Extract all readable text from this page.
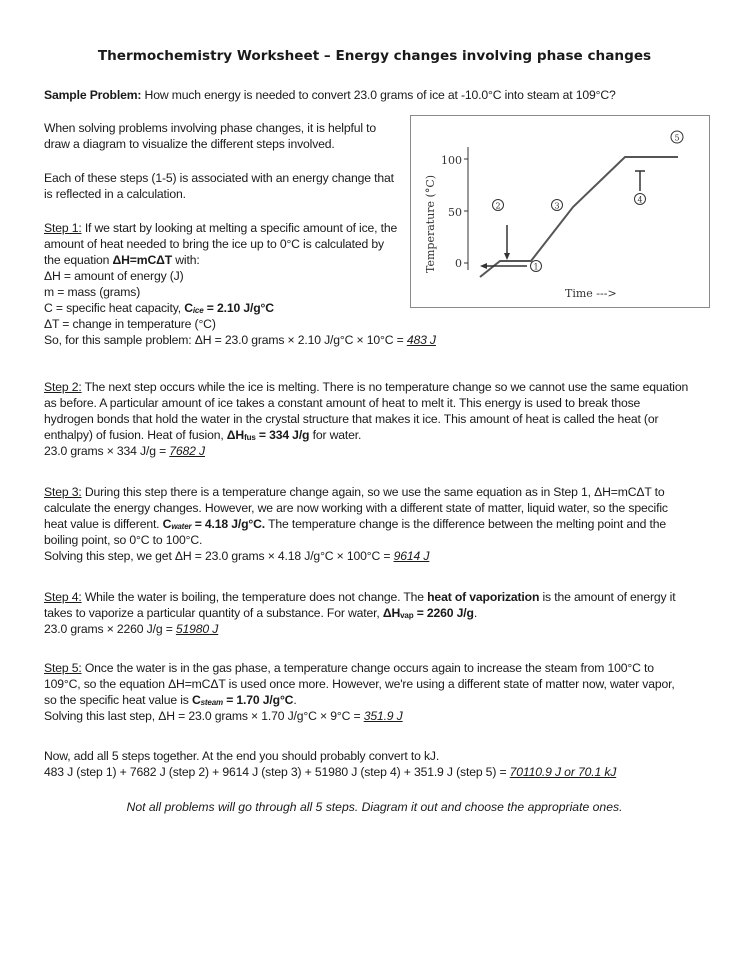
Thermochemistry Worksheet – Energy changes involving phase changes
Sample Problem: How much energy is needed to convert 23.0 grams of ice at -10.0°C into steam at 109°C?
When solving problems involving phase changes, it is helpful to
draw a diagram to visualize the different steps involved.
Each of these steps (1-5) is associated with an energy change that
is reflected in a calculation.
Step 1: If we start by looking at melting a specific amount of ice, the
amount of heat needed to bring the ice up to 0°C is calculated by
the equation ΔH=mCΔT with:
ΔH = amount of energy (J)
m = mass (grams)
C = specific heat capacity, $C_{ice} = 2.10$ J/g°C
ΔT = change in temperature (°C)
So, for this sample problem: ΔH = 23.0 grams × 2.10 J/g°C × 10°C = 483 J
Step 2: The next step occurs while the ice is melting. There is no temperature change so we cannot use the same equation
as before. A particular amount of ice takes a constant amount of heat to melt it. This energy is used to break those
hydrogen bonds that hold the water in the crystal structure that makes it ice. This amount of heat is called the heat (or
enthalpy) of fusion. Heat of fusion, $\Delta H_{fus} = 334$ J/g for water.
23.0 grams × 334 J/g = 7682 J
Step 3: During this step there is a temperature change again, so we use the same equation as in Step 1, ΔH=mCΔT to
calculate the energy changes. However, we are now working with a different state of matter, liquid water, so the specific
heat value is different. $C_{water} = 4.18$ J/g°C. The temperature change is the difference between the melting point and the
boiling point, so 0°C to 100°C.
Solving this step, we get ΔH = 23.0 grams × 4.18 J/g°C × 100°C = 9614 J
Step 4: While the water is boiling, the temperature does not change. The heat of vaporization is the amount of energy it
takes to vaporize a particular quantity of a substance. For water, $\Delta H_{vap} = 2260$ J/g.
23.0 grams × 2260 J/g = 51980 J
Step 5: Once the water is in the gas phase, a temperature change occurs again to increase the steam from 100°C to
109°C, so the equation ΔH=mCΔT is used once more. However, we're using a different state of matter now, water vapor,
so the specific heat value is $C_{steam} = 1.70$ J/g°C.
Solving this last step, ΔH = 23.0 grams × 1.70 J/g°C × 9°C = 351.9 J
Now, add all 5 steps together. At the end you should probably convert to kJ.
483 J (step 1) + 7682 J (step 2) + 9614 J (step 3) + 51980 J (step 4) + 351.9 J (step 5) = 70110.9 J or 70.1 kJ
Not all problems will go through all 5 steps. Diagram it out and choose the appropriate ones.
Temperature (°C)
100
50
0	1
2	3
4
5
Time --->
